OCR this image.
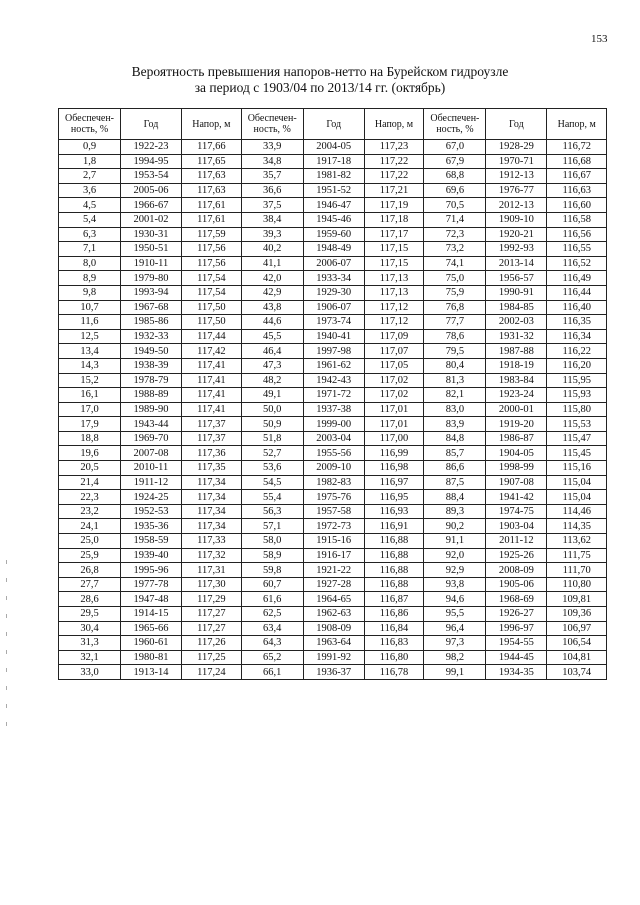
153
Вероятность превышения напоров-нетто на Бурейском гидроузле
за период с 1903/04 по 2013/14 гг. (октябрь)
Обеспечен-ность, %	Год	Напор, м	Обеспечен-ность, %	Год	Напор, м	Обеспечен-ность, %	Год	Напор, м
0,9	1922-23	117,66	33,9	2004-05	117,23	67,0	1928-29	116,72
1,8	1994-95	117,65	34,8	1917-18	117,22	67,9	1970-71	116,68
2,7	1953-54	117,63	35,7	1981-82	117,22	68,8	1912-13	116,67
3,6	2005-06	117,63	36,6	1951-52	117,21	69,6	1976-77	116,63
4,5	1966-67	117,61	37,5	1946-47	117,19	70,5	2012-13	116,60
5,4	2001-02	117,61	38,4	1945-46	117,18	71,4	1909-10	116,58
6,3	1930-31	117,59	39,3	1959-60	117,17	72,3	1920-21	116,56
7,1	1950-51	117,56	40,2	1948-49	117,15	73,2	1992-93	116,55
8,0	1910-11	117,56	41,1	2006-07	117,15	74,1	2013-14	116,52
8,9	1979-80	117,54	42,0	1933-34	117,13	75,0	1956-57	116,49
9,8	1993-94	117,54	42,9	1929-30	117,13	75,9	1990-91	116,44
10,7	1967-68	117,50	43,8	1906-07	117,12	76,8	1984-85	116,40
11,6	1985-86	117,50	44,6	1973-74	117,12	77,7	2002-03	116,35
12,5	1932-33	117,44	45,5	1940-41	117,09	78,6	1931-32	116,34
13,4	1949-50	117,42	46,4	1997-98	117,07	79,5	1987-88	116,22
14,3	1938-39	117,41	47,3	1961-62	117,05	80,4	1918-19	116,20
15,2	1978-79	117,41	48,2	1942-43	117,02	81,3	1983-84	115,95
16,1	1988-89	117,41	49,1	1971-72	117,02	82,1	1923-24	115,93
17,0	1989-90	117,41	50,0	1937-38	117,01	83,0	2000-01	115,80
17,9	1943-44	117,37	50,9	1999-00	117,01	83,9	1919-20	115,53
18,8	1969-70	117,37	51,8	2003-04	117,00	84,8	1986-87	115,47
19,6	2007-08	117,36	52,7	1955-56	116,99	85,7	1904-05	115,45
20,5	2010-11	117,35	53,6	2009-10	116,98	86,6	1998-99	115,16
21,4	1911-12	117,34	54,5	1982-83	116,97	87,5	1907-08	115,04
22,3	1924-25	117,34	55,4	1975-76	116,95	88,4	1941-42	115,04
23,2	1952-53	117,34	56,3	1957-58	116,93	89,3	1974-75	114,46
24,1	1935-36	117,34	57,1	1972-73	116,91	90,2	1903-04	114,35
25,0	1958-59	117,33	58,0	1915-16	116,88	91,1	2011-12	113,62
25,9	1939-40	117,32	58,9	1916-17	116,88	92,0	1925-26	111,75
26,8	1995-96	117,31	59,8	1921-22	116,88	92,9	2008-09	111,70
27,7	1977-78	117,30	60,7	1927-28	116,88	93,8	1905-06	110,80
28,6	1947-48	117,29	61,6	1964-65	116,87	94,6	1968-69	109,81
29,5	1914-15	117,27	62,5	1962-63	116,86	95,5	1926-27	109,36
30,4	1965-66	117,27	63,4	1908-09	116,84	96,4	1996-97	106,97
31,3	1960-61	117,26	64,3	1963-64	116,83	97,3	1954-55	106,54
32,1	1980-81	117,25	65,2	1991-92	116,80	98,2	1944-45	104,81
33,0	1913-14	117,24	66,1	1936-37	116,78	99,1	1934-35	103,74
